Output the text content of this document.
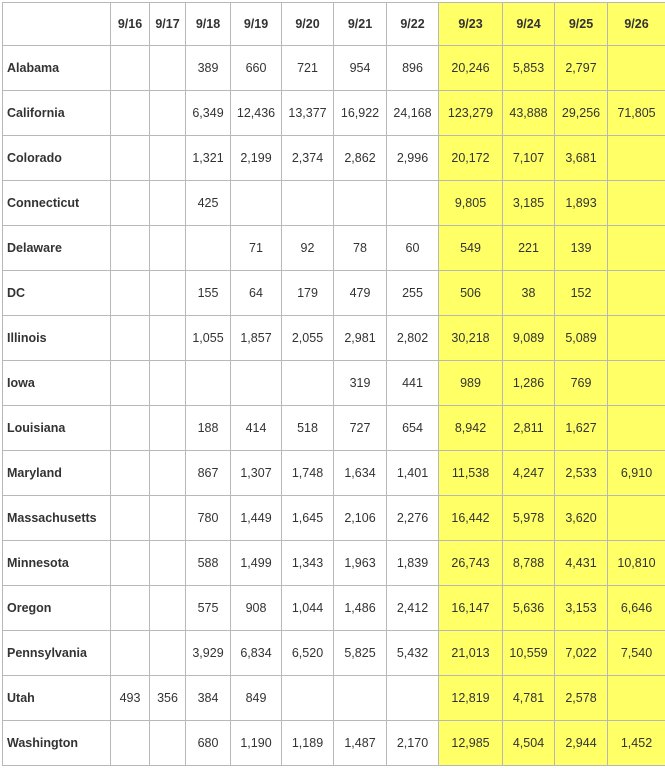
	9/16	9/17	9/18	9/19	9/20	9/21	9/22	9/23	9/24	9/25	9/26
Alabama			389	660	721	954	896	20,246	5,853	2,797	
California			6,349	12,436	13,377	16,922	24,168	123,279	43,888	29,256	71,805
Colorado			1,321	2,199	2,374	2,862	2,996	20,172	7,107	3,681	
Connecticut			425					9,805	3,185	1,893	
Delaware				71	92	78	60	549	221	139	
DC			155	64	179	479	255	506	38	152	
Illinois			1,055	1,857	2,055	2,981	2,802	30,218	9,089	5,089	
Iowa						319	441	989	1,286	769	
Louisiana			188	414	518	727	654	8,942	2,811	1,627	
Maryland			867	1,307	1,748	1,634	1,401	11,538	4,247	2,533	6,910
Massachusetts			780	1,449	1,645	2,106	2,276	16,442	5,978	3,620	
Minnesota			588	1,499	1,343	1,963	1,839	26,743	8,788	4,431	10,810
Oregon			575	908	1,044	1,486	2,412	16,147	5,636	3,153	6,646
Pennsylvania			3,929	6,834	6,520	5,825	5,432	21,013	10,559	7,022	7,540
Utah	493	356	384	849				12,819	4,781	2,578	
Washington			680	1,190	1,189	1,487	2,170	12,985	4,504	2,944	1,452
